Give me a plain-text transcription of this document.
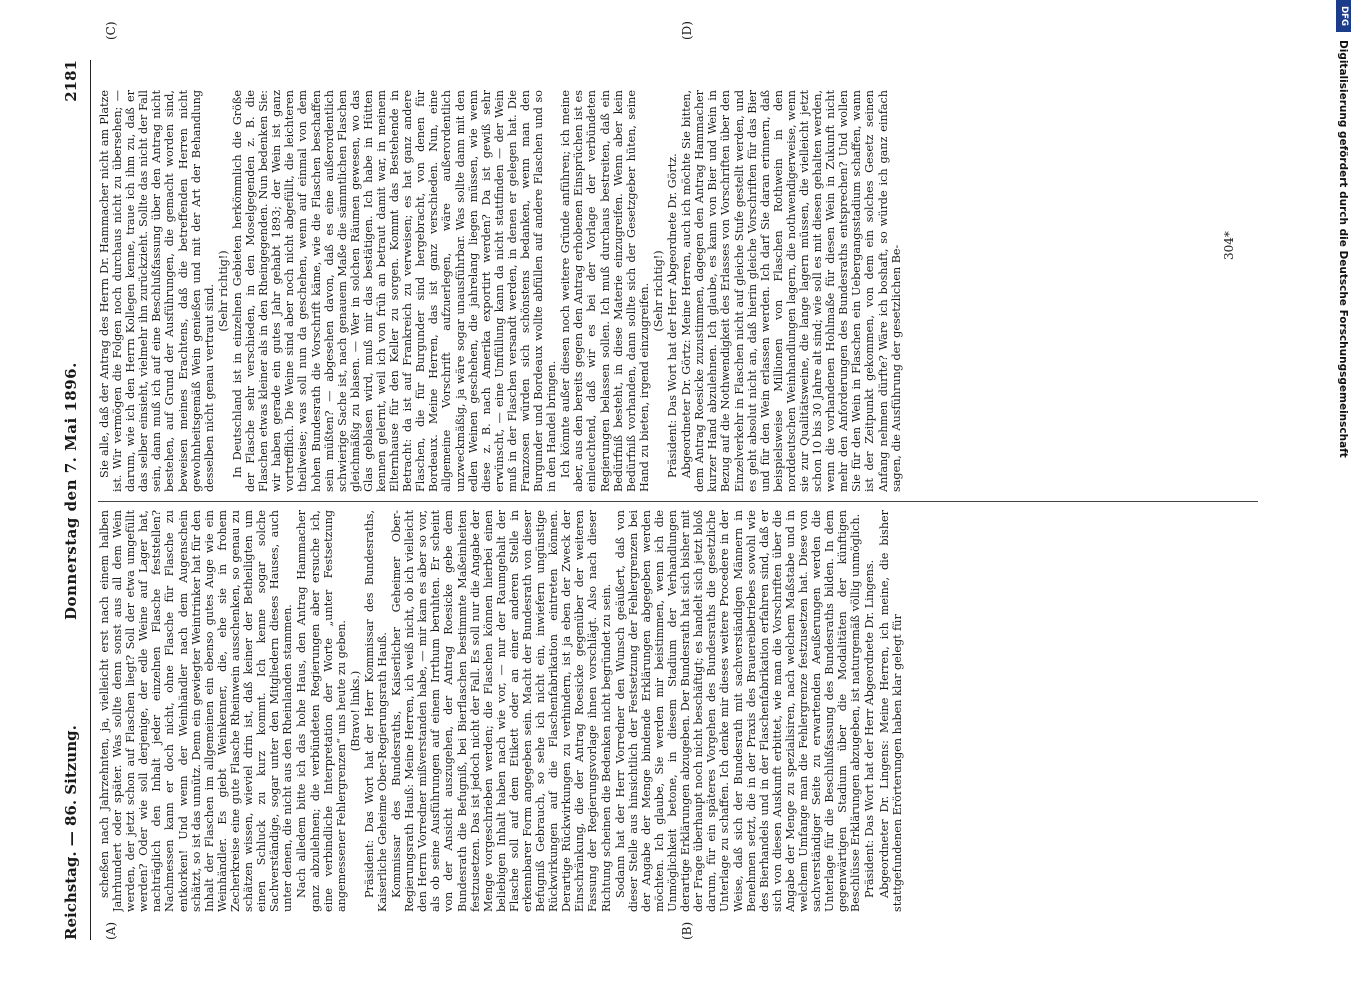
Reichstag. — 86. Sitzung.
Donnerstag den 7. Mai 1896.
2181
(A)	(B)
(C)	(D)

scheßen nach Jahrzehnten, ja, vielleicht erst nach einem halben Jahrhundert oder später. Was sollte denn sonst aus all dem Wein werden, der jetzt schon auf Flaschen liegt? Soll der etwa umgefüllt werden? Oder wie soll derjenige, der edle Weine auf Lager hat, nachträglich den Inhalt jeder einzelnen Flasche feststellen? Nachmessen kann er doch nicht, ohne Flasche für Flasche zu entkorken! Und wenn der Weinhändler nach dem Augenschein schätzt, so ist das unnütz. Denn ein gewiegter Weintrinker hat für den Inhalt der Flaschen im allgemeinen ein ebenso gutes Auge wie ein Weinhändler. Es giebt Weinkenner, die, ehe sie in frohem Zecherkreise eine gute Flasche Rheinwein ausschenken, so genau zu schätzen wissen, wieviel drin ist, daß keiner der Betheiligten um einen Schluck zu kurz kommt. Ich kenne sogar solche Sachverständige, sogar unter den Mitgliedern dieses Hauses, auch unter denen, die nicht aus den Rheinlanden stammen. Nach alledem bitte ich das hohe Haus, den Antrag Hammacher ganz abzulehnen; die verbündeten Regierungen aber ersuche ich, eine verbindliche Interpretation der Worte „unter Festsetzung angemessener Fehlergrenzen“ uns heute zu geben. (Bravo! links.) Präsident: Das Wort hat der Herr Kommissar des Bundesraths, Kaiserliche Geheime Ober-Regierungsrath Hauß. Kommissar des Bundesraths, Kaiserlicher Geheimer Ober-Regierungsrath Hauß: Meine Herren, ich weiß nicht, ob ich vielleicht den Herrn Vorredner mißverstanden habe, — mir kam es aber so vor, als ob seine Ausführungen auf einem Irrthum beruhten. Er scheint von der Ansicht auszugehen, der Antrag Roesicke gebe dem Bundesrath die Befugniß, bei Bierflaschen bestimmte Maßeinheiten festzusetzen. Das ist jedoch nicht der Fall. Es soll nur die Angabe der Menge vorgeschrieben werden; die Flaschen können hierbei einen beliebigen Inhalt haben nach wie vor, — nur der Raumgehalt der Flasche soll auf dem Etikett oder an einer anderen Stelle in erkennbarer Form angegeben sein. Macht der Bundesrath von dieser Befugniß Gebrauch, so sehe ich nicht ein, inwiefern ungünstige Rückwirkungen auf die Flaschenfabrikation eintreten können. Derartige Rückwirkungen zu verhindern, ist ja eben der Zweck der Einschränkung, die der Antrag Roesicke gegenüber der weiteren Fassung der Regierungsvorlage ihnen vorschlägt. Also nach dieser Richtung scheinen die Bedenken nicht begründet zu sein. Sodann hat der Herr Vorredner den Wunsch geäußert, daß von dieser Stelle aus hinsichtlich der Festsetzung der Fehlergrenzen bei der Angabe der Menge bindende Erklärungen abgegeben werden möchten. Ich glaube, Sie werden mir beistimmen, wenn ich die Unmöglichkeit betone, in diesem Stadium der Verhandlungen derartige Erklärungen abzugeben. Der Bundesrath hat sich bisher mit der Frage überhaupt noch nicht beschäftigt; es handelt sich jetzt bloß darum, für ein späteres Vorgehen des Bundesraths die gesetzliche Unterlage zu schaffen. Ich denke mir dieses weitere Procedere in der Weise, daß sich der Bundesrath mit sachverständigen Männern in Benehmen setzt, die in der Praxis des Brauereibetriebes sowohl wie des Bierhandels und in der Flaschenfabrikation erfahren sind, daß er sich von diesen Auskunft erbittet, wie man die Vorschriften über die Angabe der Menge zu spezialisiren, nach welchem Maßstabe und in welchem Umfange man die Fehlergrenze festzusetzen hat. Diese von sachverständiger Seite zu erwartenden Aeußerungen werden die Unterlage für die Beschlußfassung des Bundesraths bilden. In dem gegenwärtigen Stadium über die Modalitäten der künftigen Beschlüsse Erklärungen abzugeben, ist naturgemäß völlig unmöglich. Präsident: Das Wort hat der Herr Abgeordnete Dr. Lingens. Abgeordneter Dr. Lingens: Meine Herren, ich meine, die bisher stattgefundenen Erörterungen haben klar gelegt für

Sie alle, daß der Antrag des Herrn Dr. Hammacher nicht am Platze ist. Wir vermögen die Folgen noch durchaus nicht zu übersehen; — darum, wie ich den Herrn Kollegen kenne, traue ich ihm zu, daß er das selber einsieht, vielmehr ihn zurückzieht. Sollte das nicht der Fall sein, dann muß ich auf eine Beschlußfassung über den Antrag nicht bestehen, auf Grund der Ausführungen, die gemacht worden sind, beweisen meines Erachtens, daß die betreffenden Herren nicht gewohnheitsgemäß Wein genießen und mit der Art der Behandlung desselben nicht genau vertraut sind. (Sehr richtig!) In Deutschland ist in einzelnen Gebieten herkömmlich die Größe der Flasche sehr verschieden, in den Moselgegenden z. B. die Flaschen etwas kleiner als in den Rheingegenden. Nun bedenken Sie: wir haben gerade ein gutes Jahr gehabt 1893; der Wein ist ganz vortrefflich. Die Weine sind aber noch nicht abgefüllt, die leichteren theilweise; was soll nun da geschehen, wenn auf einmal von dem hohen Bundesrath die Vorschrift käme, wie die Flaschen beschaffen sein müßten? — abgesehen davon, daß es eine außerordentlich schwierige Sache ist, nach genauem Maße die sämmtlichen Flaschen gleichmäßig zu blasen. — Wer in solchen Räumen gewesen, wo das Glas geblasen wird, muß mir das bestätigen. Ich habe in Hütten kennen gelernt, weil ich von früh an betraut damit war, in meinem Elternhause für den Keller zu sorgen. Kommt das Bestehende in Betracht: da ist auf Frankreich zu verweisen; es hat ganz andere Flaschen, die für Burgunder sind hergebracht, von denen für Bordeaux. Meine Herren, das ist ganz verschieden. Nun, eine allgemeine Vorschrift aufzuerlegen, wäre außerordentlich unzweckmäßig, ja wäre sogar unausführbar. Was sollte dann mit den edlen Weinen geschehen, die jahrelang liegen müssen, wie wenn diese z. B. nach Amerika exportirt werden? Da ist gewiß sehr erwünscht, — eine Umfüllung kann da nicht stattfinden — der Wein muß in der Flaschen versandt werden, in denen er gelegen hat. Die Franzosen würden sich schönstens bedanken, wenn man den Burgunder und Bordeaux wollte abfüllen auf andere Flaschen und so in den Handel bringen. Ich könnte außer diesen noch weitere Gründe anführen; ich meine aber, aus den bereits gegen den Antrag erhobenen Einsprüchen ist es einleuchtend, daß wir es bei der Vorlage der verbündeten Regierungen belassen sollen. Ich muß durchaus bestreiten, daß ein Bedürfniß besteht, in diese Materie einzugreifen. Wenn aber kein Bedürfniß vorhanden, dann sollte sich der Gesetzgeber hüten, seine Hand zu bieten, irgend einzugreifen. (Sehr richtig!) Präsident: Das Wort hat der Herr Abgeordnete Dr. Görtz. Abgeordneter Dr. Görtz: Meine Herren, auch ich möchte Sie bitten, dem Antrag Roesicke zuzustimmen, dagegen den Antrag Hammacher kurzer Hand abzulehnen. Ich glaube, es kann von Bier und Wein in Bezug auf die Nothwendigkeit des Erlasses von Vorschriften über den Einzelverkehr in Flaschen nicht auf gleiche Stufe gestellt werden, und es geht absolut nicht an, daß hierin gleiche Vorschriften für das Bier und für den Wein erlassen werden. Ich darf Sie daran erinnern, daß beispielsweise Millionen von Flaschen Rothwein in den norddeutschen Weinhandlungen lagern, die nothwendigerweise, wenn sie zur Qualitätsweine, die lange lagern müssen, die vielleicht jetzt schon 10 bis 30 Jahre alt sind; wie soll es mit diesen gehalten werden, wenn die vorhandenen Hohlmaße für diesen Wein in Zukunft nicht mehr den Anforderungen des Bundesraths entsprechen? Und wollen Sie für den Wein in Flaschen ein Uebergangsstadium schaffen, wann ist der Zeitpunkt gekommen, von dem ein solches Gesetz seinen Anfang nehmen dürfte? Wäre ich boshaft, so würde ich ganz einfach sagen, die Ausführung der gesetzlichen Be-	304*
DFG
Digitalisierung gefördert durch die Deutsche Forschungsgemeinschaft
